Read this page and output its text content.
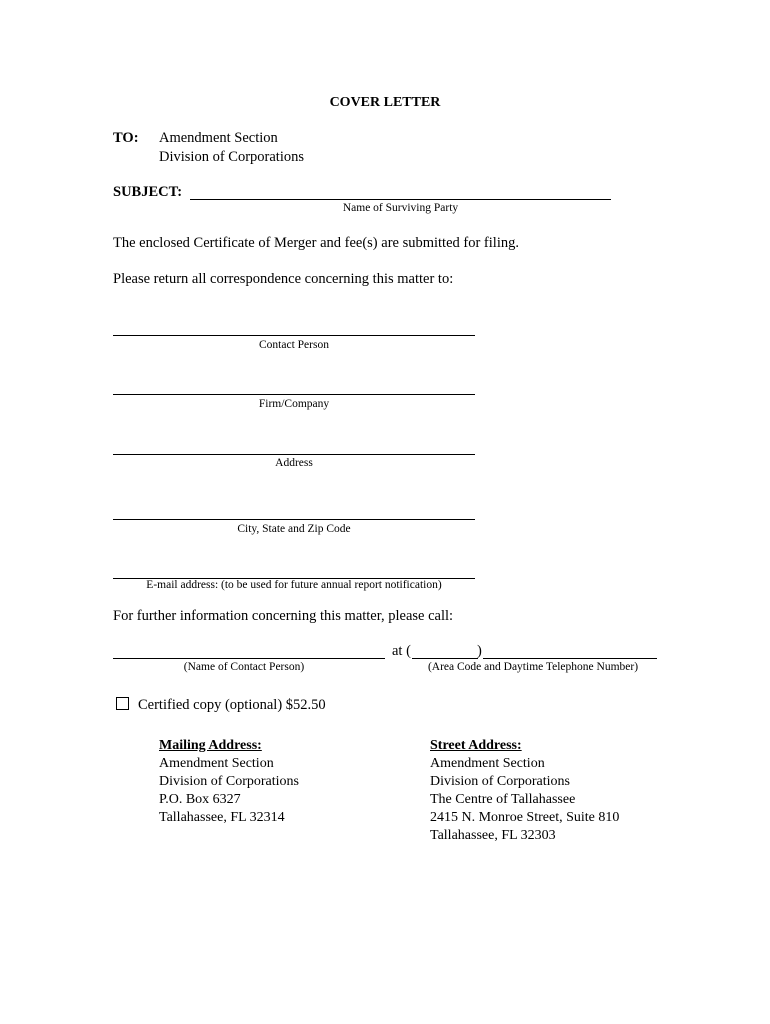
COVER LETTER
TO: Amendment Section
Division of Corporations
SUBJECT:
Name of Surviving Party
The enclosed Certificate of Merger and fee(s) are submitted for filing.
Please return all correspondence concerning this matter to:
Contact Person
Firm/Company
Address
City, State and Zip Code
E-mail address: (to be used for future annual report notification)
For further information concerning this matter, please call:
at (	)
(Name of Contact Person)	(Area Code and Daytime Telephone Number)
Certified copy (optional) $52.50
Mailing Address:
Amendment Section
Division of Corporations
P.O. Box 6327
Tallahassee, FL 32314
Street Address:
Amendment Section
Division of Corporations
The Centre of Tallahassee
2415 N. Monroe Street, Suite 810
Tallahassee, FL 32303
